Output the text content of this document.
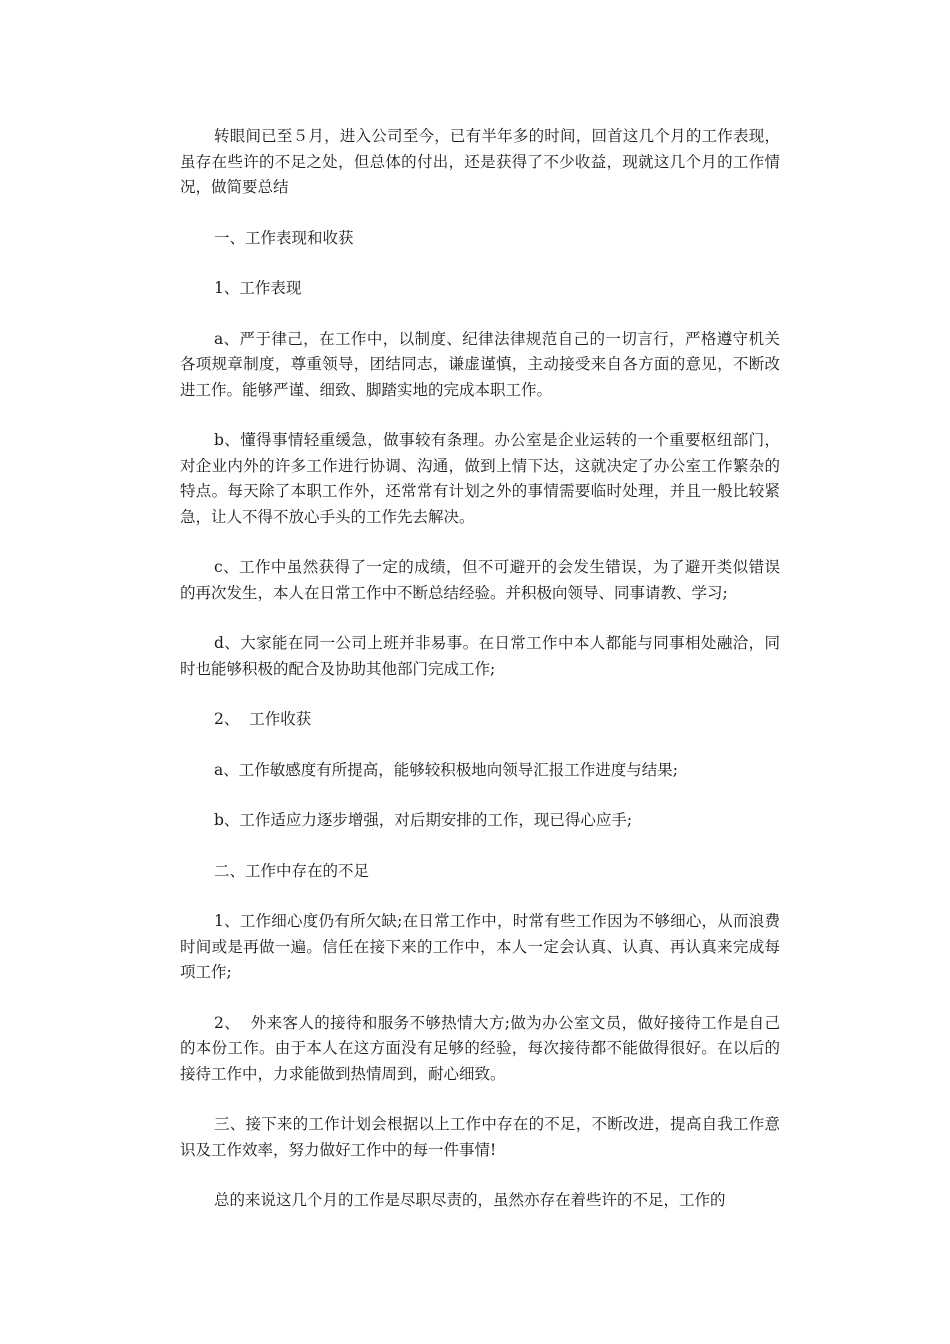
转眼间已至５月，进入公司至今，已有半年多的时间，回首这几个月的工作表现，虽存在些许的不足之处，但总体的付出，还是获得了不少收益，现就这几个月的工作情况，做简要总结

一、工作表现和收获

1、工作表现

a、严于律己，在工作中，以制度、纪律法律规范自己的一切言行，严格遵守机关各项规章制度，尊重领导，团结同志，谦虚谨慎，主动接受来自各方面的意见，不断改进工作。能够严谨、细致、脚踏实地的完成本职工作。

b、懂得事情轻重缓急，做事较有条理。办公室是企业运转的一个重要枢纽部门，对企业内外的许多工作进行协调、沟通，做到上情下达，这就决定了办公室工作繁杂的特点。每天除了本职工作外，还常常有计划之外的事情需要临时处理，并且一般比较紧急，让人不得不放心手头的工作先去解决。

c、工作中虽然获得了一定的成绩，但不可避开的会发生错误，为了避开类似错误的再次发生，本人在日常工作中不断总结经验。并积极向领导、同事请教、学习;

d、大家能在同一公司上班并非易事。在日常工作中本人都能与同事相处融洽，同时也能够积极的配合及协助其他部门完成工作;

2、  工作收获

a、工作敏感度有所提高，能够较积极地向领导汇报工作进度与结果;

b、工作适应力逐步增强，对后期安排的工作，现已得心应手;

二、工作中存在的不足

1、工作细心度仍有所欠缺;在日常工作中，时常有些工作因为不够细心，从而浪费时间或是再做一遍。信任在接下来的工作中，本人一定会认真、认真、再认真来完成每项工作;

2、  外来客人的接待和服务不够热情大方;做为办公室文员，做好接待工作是自己的本份工作。由于本人在这方面没有足够的经验，每次接待都不能做得很好。在以后的接待工作中，力求能做到热情周到，耐心细致。

三、接下来的工作计划会根据以上工作中存在的不足，不断改进，提高自我工作意识及工作效率，努力做好工作中的每一件事情!

总的来说这几个月的工作是尽职尽责的，虽然亦存在着些许的不足，工作的
